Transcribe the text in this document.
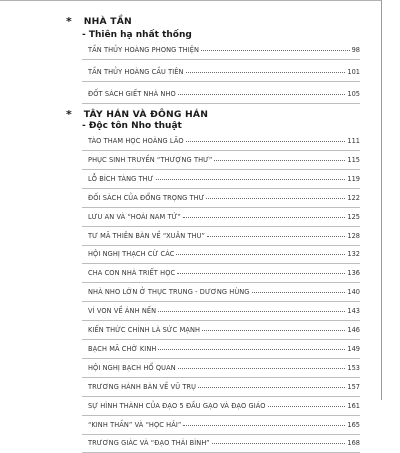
* NHÀ TẦN
- Thiên hạ nhất thống
TẦN THỦY HOÀNG PHONG THIỆN	98
TẦN THỦY HOÀNG CẦU TIÊN	101
ĐỐT SÁCH GIẾT NHÀ NHO	105
* TÂY HÁN VÀ ĐÔNG HÁN
- Độc tôn Nho thuật
TÀO THAM HỌC HOÀNG LÃO	111
PHỤC SINH TRUYỀN “THƯỢNG THƯ”	115
LỖ BÍCH TÀNG THƯ	119
ĐỐI SÁCH CỦA ĐỔNG TRỌNG THƯ	122
LƯU AN VÀ “HOÀI NAM TỬ”	125
TƯ MÃ THIÊN BÀN VỀ “XUÂN THU”	128
HỘI NGHỊ THẠCH CỪ CÁC	132
CHA CON NHÀ TRIẾT HỌC	136
NHÀ NHO LỚN Ở THỤC TRUNG - DƯƠNG HÙNG	140
VÍ VON VỀ ÁNH NẾN	143
KIẾN THỨC CHÍNH LÀ SỨC MẠNH	146
BẠCH MÃ CHỜ KINH	149
HỘI NGHỊ BẠCH HỔ QUAN	153
TRƯƠNG HÀNH BÀN VỀ VŨ TRỤ	157
SỰ HÌNH THÀNH CỦA ĐẠO 5 ĐẤU GẠO VÀ ĐẠO GIÁO	161
“KINH THẦN” VÀ “HỌC HẢI”	165
TRƯƠNG GIÁC VÀ “ĐẠO THÁI BÌNH”	168
